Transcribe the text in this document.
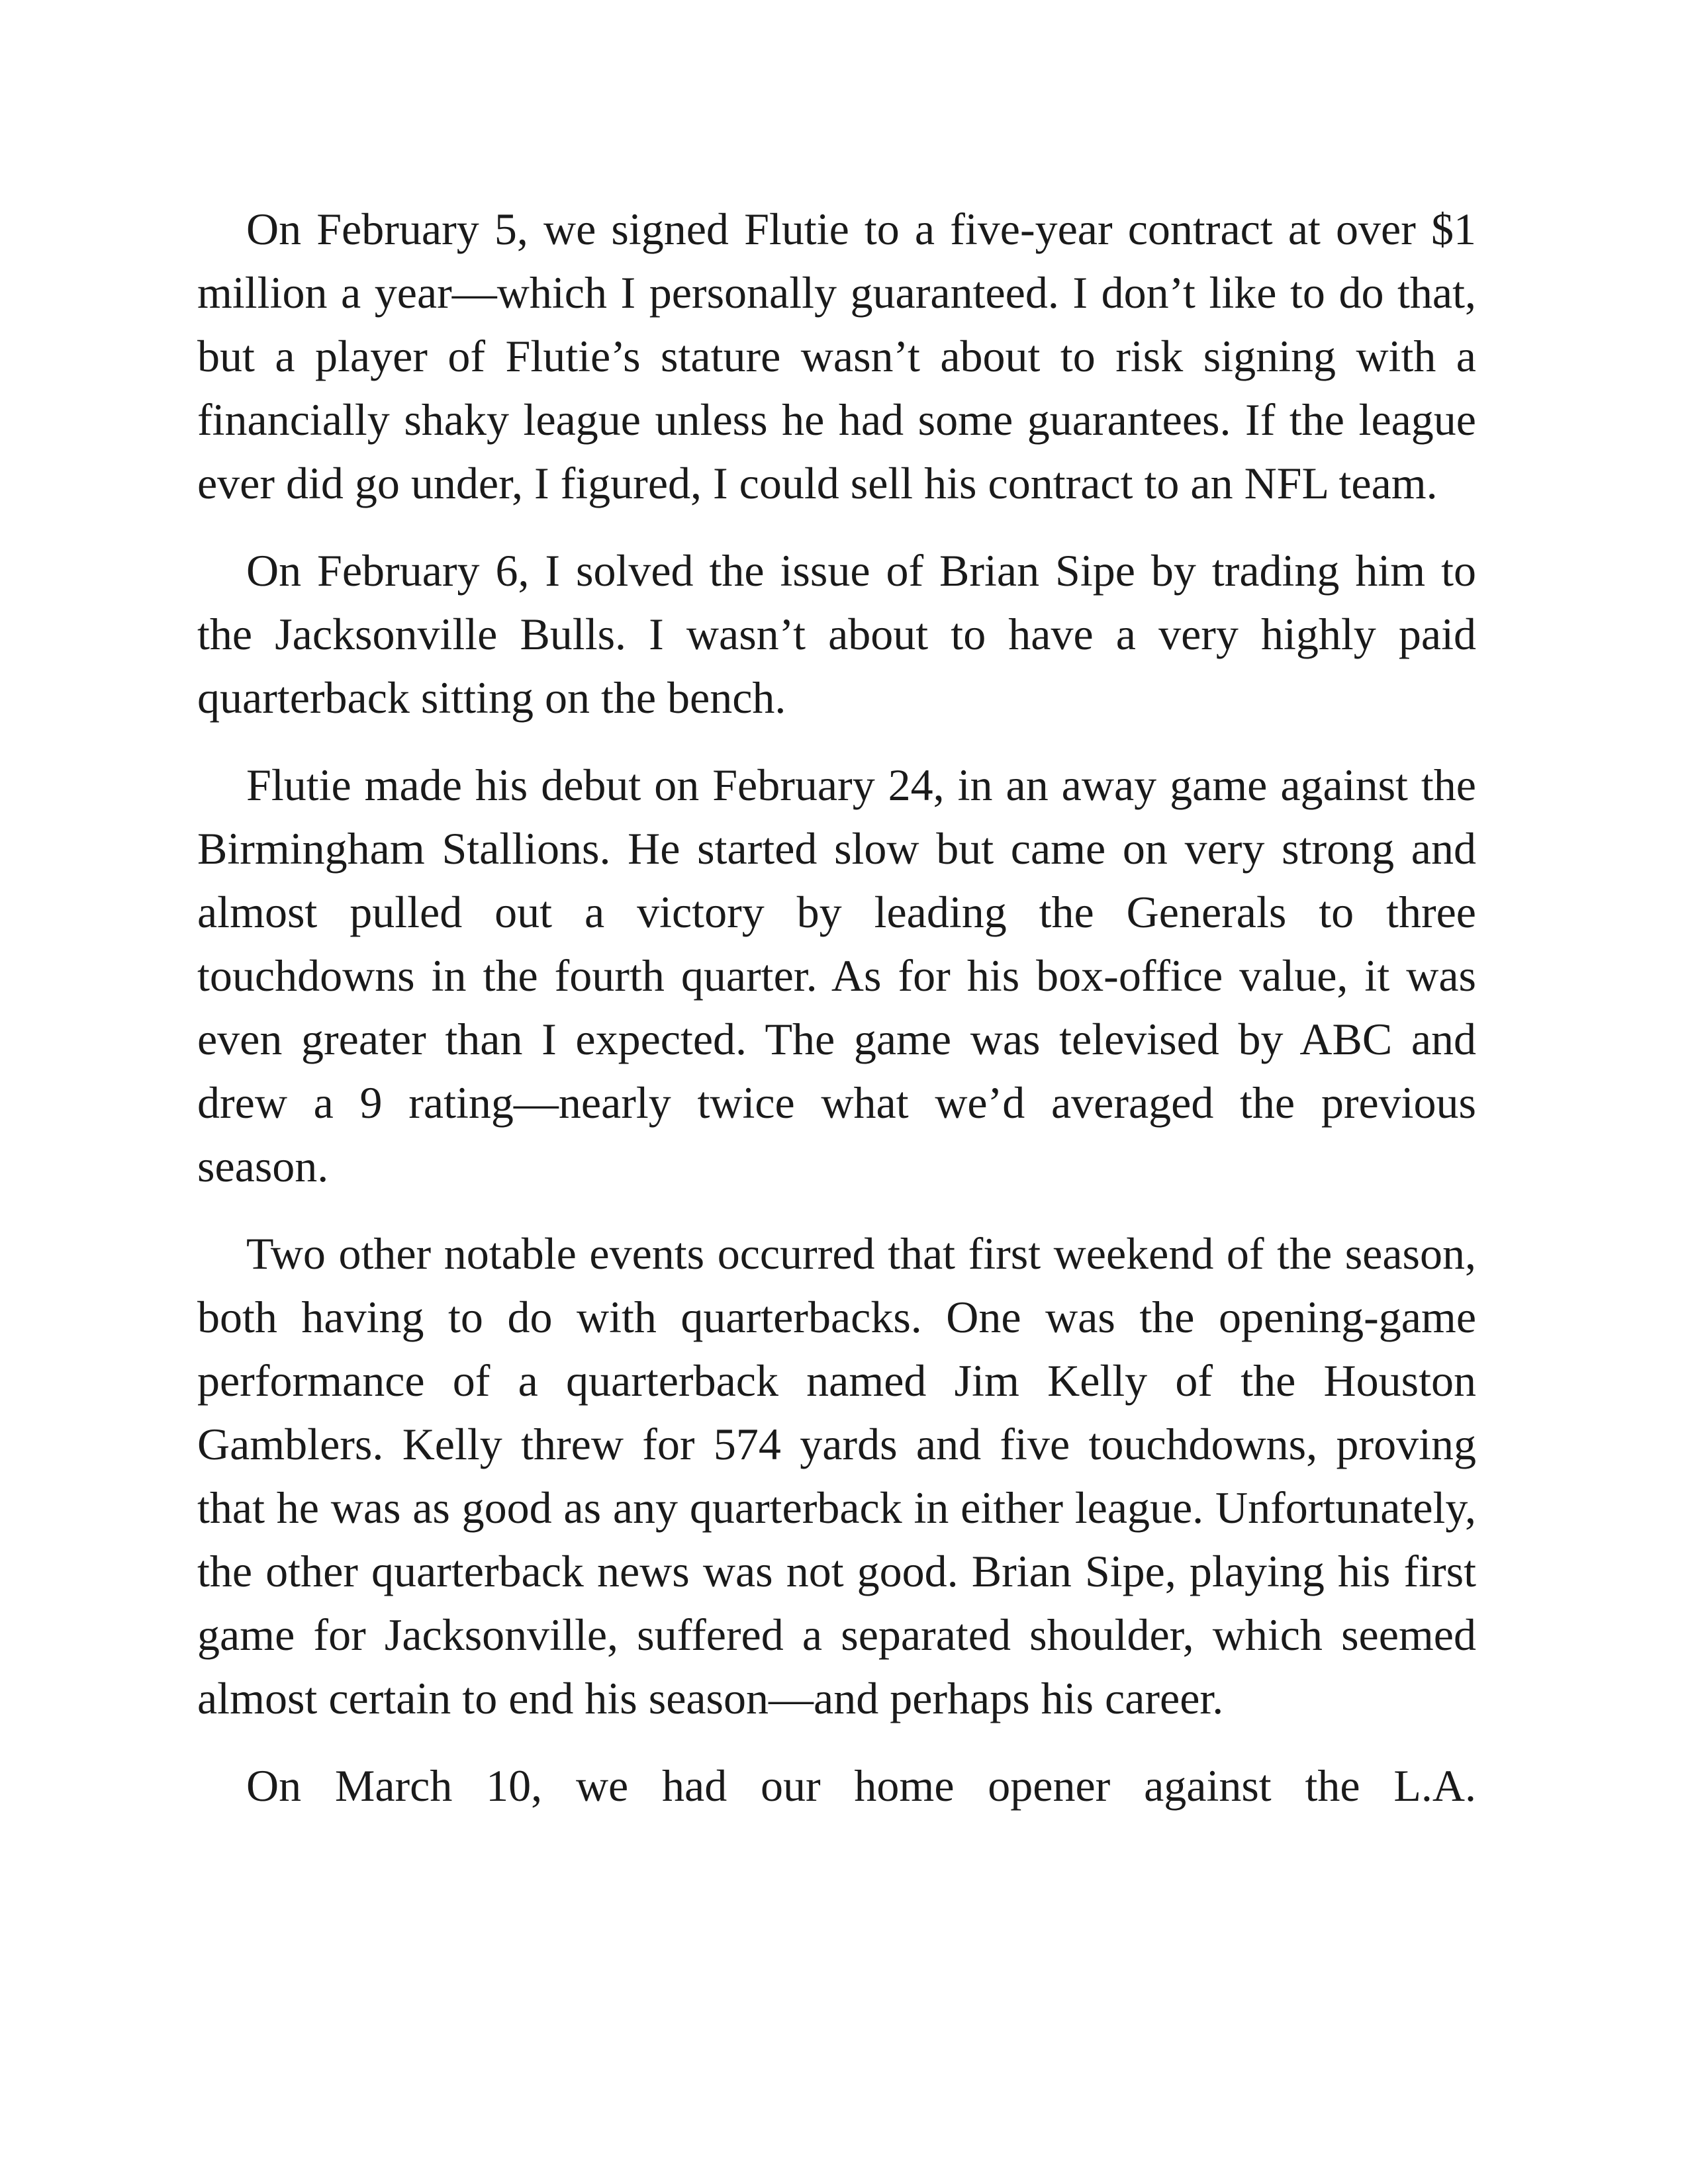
On February 5, we signed Flutie to a five-year contract at over $1 million a year—which I personally guaranteed. I don’t like to do that, but a player of Flutie’s stature wasn’t about to risk signing with a financially shaky league unless he had some guarantees. If the league ever did go under, I figured, I could sell his contract to an NFL team.

On February 6, I solved the issue of Brian Sipe by trading him to the Jacksonville Bulls. I wasn’t about to have a very highly paid quarterback sitting on the bench.

Flutie made his debut on February 24, in an away game against the Birmingham Stallions. He started slow but came on very strong and almost pulled out a victory by leading the Generals to three touchdowns in the fourth quarter. As for his box-office value, it was even greater than I expected. The game was televised by ABC and drew a 9 rating—nearly twice what we’d averaged the previous season.

Two other notable events occurred that first weekend of the season, both having to do with quarterbacks. One was the opening-game performance of a quarterback named Jim Kelly of the Houston Gamblers. Kelly threw for 574 yards and five touchdowns, proving that he was as good as any quarterback in either league. Unfortunately, the other quarterback news was not good. Brian Sipe, playing his first game for Jacksonville, suffered a separated shoulder, which seemed almost certain to end his season—and perhaps his career.

On March 10, we had our home opener against the L.A.
